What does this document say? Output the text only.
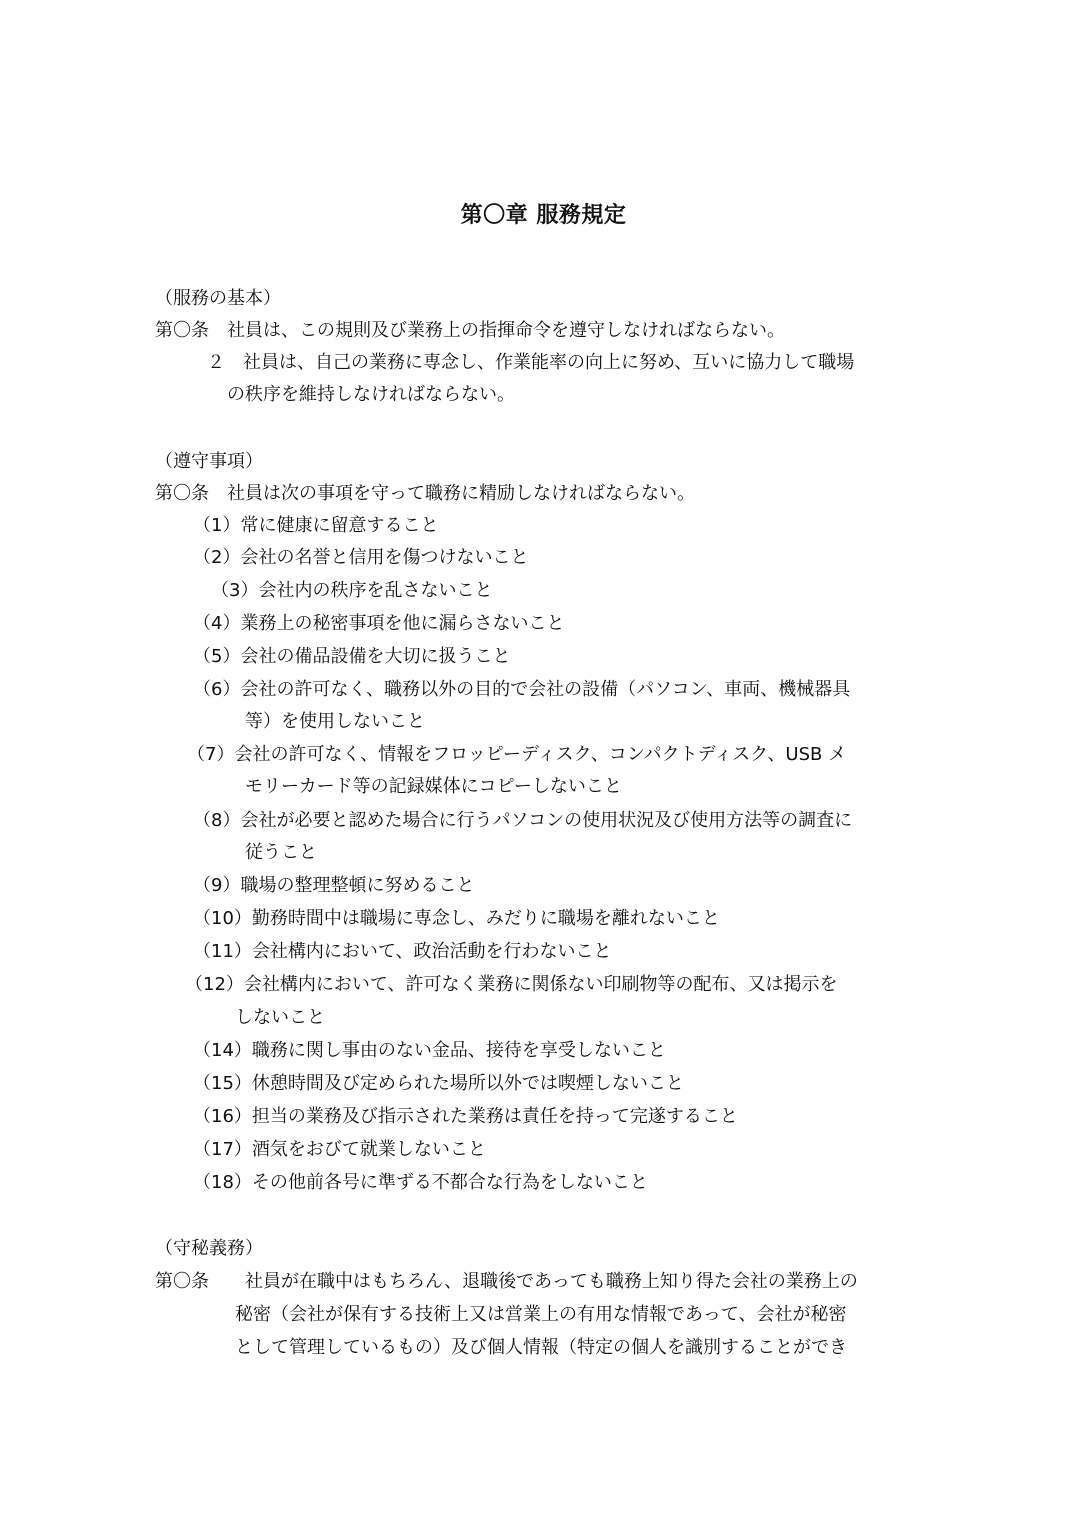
第〇章 服務規定
（服務の基本）
第〇条　社員は、この規則及び業務上の指揮命令を遵守しなければならない。
２　社員は、自己の業務に専念し、作業能率の向上に努め、互いに協力して職場
の秩序を維持しなければならない。
（遵守事項）
第〇条　社員は次の事項を守って職務に精励しなければならない。
（1）常に健康に留意すること
（2）会社の名誉と信用を傷つけないこと
（3）会社内の秩序を乱さないこと
（4）業務上の秘密事項を他に漏らさないこと
（5）会社の備品設備を大切に扱うこと
（6）会社の許可なく、職務以外の目的で会社の設備（パソコン、車両、機械器具
等）を使用しないこと
（7）会社の許可なく、情報をフロッピーディスク、コンパクトディスク、USB メ
モリーカード等の記録媒体にコピーしないこと
（8）会社が必要と認めた場合に行うパソコンの使用状況及び使用方法等の調査に
従うこと
（9）職場の整理整頓に努めること
（10）勤務時間中は職場に専念し、みだりに職場を離れないこと
（11）会社構内において、政治活動を行わないこと
（12）会社構内において、許可なく業務に関係ない印刷物等の配布、又は掲示を
しないこと
（14）職務に関し事由のない金品、接待を享受しないこと
（15）休憩時間及び定められた場所以外では喫煙しないこと
（16）担当の業務及び指示された業務は責任を持って完遂すること
（17）酒気をおびて就業しないこと
（18）その他前各号に準ずる不都合な行為をしないこと
（守秘義務）
第〇条 社員が在職中はもちろん、退職後であっても職務上知り得た会社の業務上の
秘密（会社が保有する技術上又は営業上の有用な情報であって、会社が秘密
として管理しているもの）及び個人情報（特定の個人を識別することができ
